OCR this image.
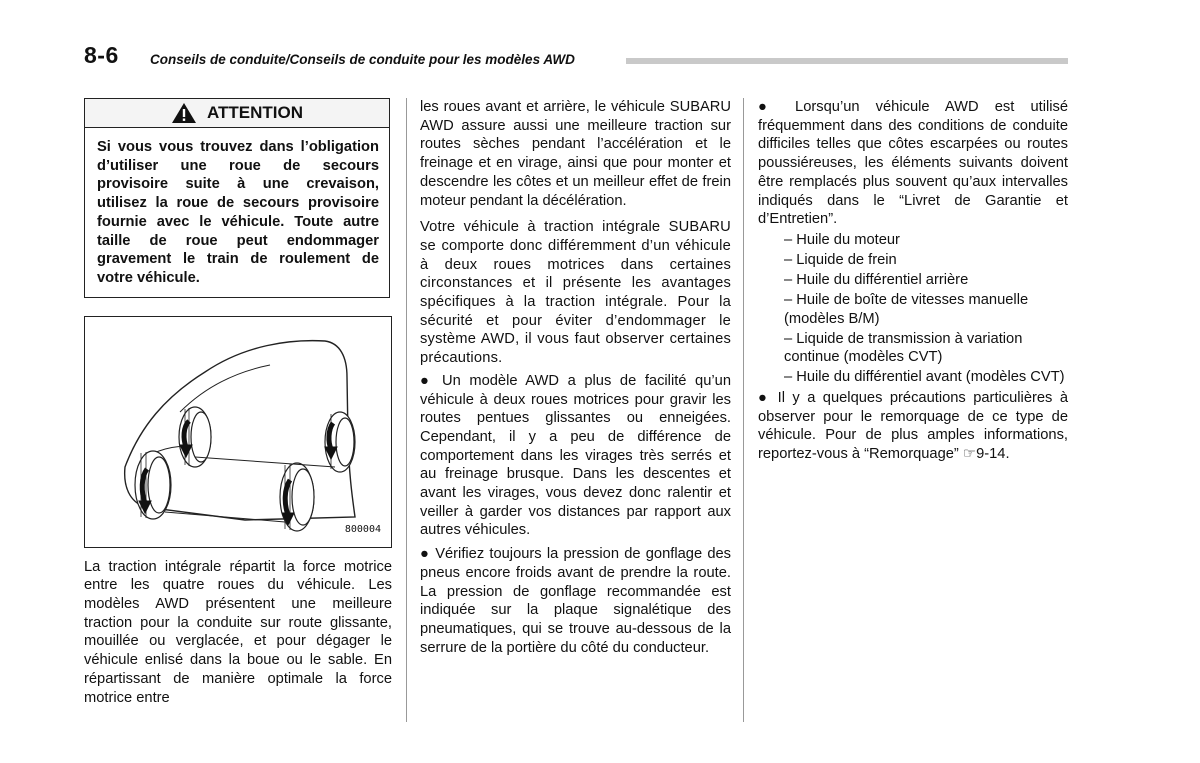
8-6 Conseils de conduite/Conseils de conduite pour les modèles AWD
ATTENTION
Si vous vous trouvez dans l’obligation d’utiliser une roue de secours provisoire suite à une crevaison, utilisez la roue de secours provisoire fournie avec le véhicule. Toute autre taille de roue peut endommager gravement le train de roulement de votre véhicule.
800004

La traction intégrale répartit la force motrice entre les quatre roues du véhicule. Les modèles AWD présentent une meilleure traction pour la conduite sur route glissante, mouillée ou verglacée, et pour dégager le véhicule enlisé dans la boue ou le sable. En répartissant de manière optimale la force motrice entre

les roues avant et arrière, le véhicule SUBARU AWD assure aussi une meilleure traction sur routes sèches pendant l’accélération et le freinage et en virage, ainsi que pour monter et descendre les côtes et un meilleur effet de frein moteur pendant la décélération.

Votre véhicule à traction intégrale SUBARU se comporte donc différemment d’un véhicule à deux roues motrices dans certaines circonstances et il présente les avantages spécifiques à la traction intégrale. Pour la sécurité et pour éviter d’endommager le système AWD, il vous faut observer certaines précautions.

● Un modèle AWD a plus de facilité qu’un véhicule à deux roues motrices pour gravir les routes pentues glissantes ou enneigées. Cependant, il y a peu de différence de comportement dans les virages très serrés et au freinage brusque. Dans les descentes et avant les virages, vous devez donc ralentir et veiller à garder vos distances par rapport aux autres véhicules.

● Vérifiez toujours la pression de gonflage des pneus encore froids avant de prendre la route. La pression de gonflage recommandée est indiquée sur la plaque signalétique des pneumatiques, qui se trouve au-dessous de la serrure de la portière du côté du conducteur.

● Lorsqu’un véhicule AWD est utilisé fréquemment dans des conditions de conduite difficiles telles que côtes escarpées ou routes poussiéreuses, les éléments suivants doivent être remplacés plus souvent qu’aux intervalles indiqués dans le “Livret de Garantie et d’Entretien”.

– Huile du moteur

– Liquide de frein

– Huile du différentiel arrière

– Huile de boîte de vitesses manuelle (modèles B/M)

– Liquide de transmission à variation continue (modèles CVT)

– Huile du différentiel avant (modèles CVT)

● Il y a quelques précautions particulières à observer pour le remorquage de ce type de véhicule. Pour de plus amples informations, reportez-vous à “Remorquage” ☞9-14.
